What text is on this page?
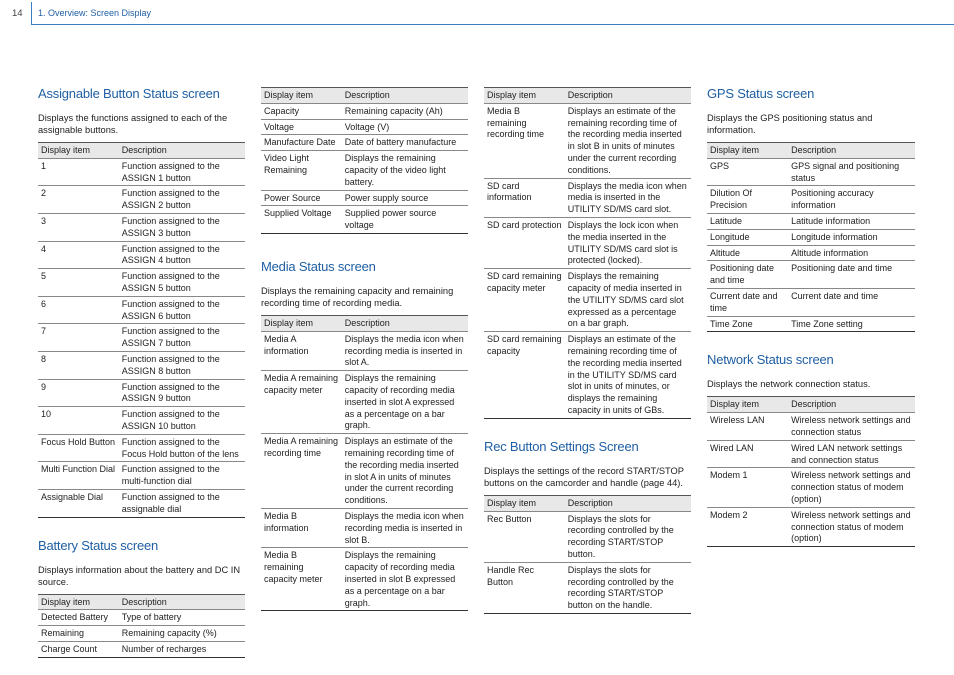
14 1. Overview: Screen Display
Assignable Button Status screen

Displays the functions assigned to each of the assignable buttons.

Display item	Description
1	Function assigned to the ASSIGN 1 button
2	Function assigned to the ASSIGN 2 button
3	Function assigned to the ASSIGN 3 button
4	Function assigned to the ASSIGN 4 button
5	Function assigned to the ASSIGN 5 button
6	Function assigned to the ASSIGN 6 button
7	Function assigned to the ASSIGN 7 button
8	Function assigned to the ASSIGN 8 button
9	Function assigned to the ASSIGN 9 button
10	Function assigned to the ASSIGN 10 button
Focus Hold Button	Function assigned to the Focus Hold button of the lens
Multi Function Dial	Function assigned to the multi-function dial
Assignable Dial	Function assigned to the assignable dial
Battery Status screen

Displays information about the battery and DC IN source.

Display item	Description
Detected Battery	Type of battery
Remaining	Remaining capacity (%)
Charge Count	Number of recharges
Display item	Description
Capacity	Remaining capacity (Ah)
Voltage	Voltage (V)
Manufacture Date	Date of battery manufacture
Video Light Remaining	Displays the remaining capacity of the video light battery.
Power Source	Power supply source
Supplied Voltage	Supplied power source voltage
Media Status screen

Displays the remaining capacity and remaining recording time of recording media.

Display item	Description
Media A information	Displays the media icon when recording media is inserted in slot A.
Media A remaining capacity meter	Displays the remaining capacity of recording media inserted in slot A expressed as a percentage on a bar graph.
Media A remaining recording time	Displays an estimate of the remaining recording time of the recording media inserted in slot A in units of minutes under the current recording conditions.
Media B information	Displays the media icon when recording media is inserted in slot B.
Media B remaining capacity meter	Displays the remaining capacity of recording media inserted in slot B expressed as a percentage on a bar graph.
Display item	Description
Media B remaining recording time	Displays an estimate of the remaining recording time of the recording media inserted in slot B in units of minutes under the current recording conditions.
SD card information	Displays the media icon when media is inserted in the UTILITY SD/MS card slot.
SD card protection	Displays the lock icon when the media inserted in the UTILITY SD/MS card slot is protected (locked).
SD card remaining capacity meter	Displays the remaining capacity of media inserted in the UTILITY SD/MS card slot expressed as a percentage on a bar graph.
SD card remaining capacity	Displays an estimate of the remaining recording time of the recording media inserted in the UTILITY SD/MS card slot in units of minutes, or displays the remaining capacity in units of GBs.
Rec Button Settings Screen

Displays the settings of the record START/STOP buttons on the camcorder and handle (page 44).

Display item	Description
Rec Button	Displays the slots for recording controlled by the recording START/STOP button.
Handle Rec Button	Displays the slots for recording controlled by the recording START/STOP button on the handle.
GPS Status screen

Displays the GPS positioning status and information.

Display item	Description
GPS	GPS signal and positioning status
Dilution Of Precision	Positioning accuracy information
Latitude	Latitude information
Longitude	Longitude information
Altitude	Altitude information
Positioning date and time	Positioning date and time
Current date and time	Current date and time
Time Zone	Time Zone setting
Network Status screen

Displays the network connection status.

Display item	Description
Wireless LAN	Wireless network settings and connection status
Wired LAN	Wired LAN network settings and connection status
Modem 1	Wireless network settings and connection status of modem (option)
Modem 2	Wireless network settings and connection status of modem (option)
